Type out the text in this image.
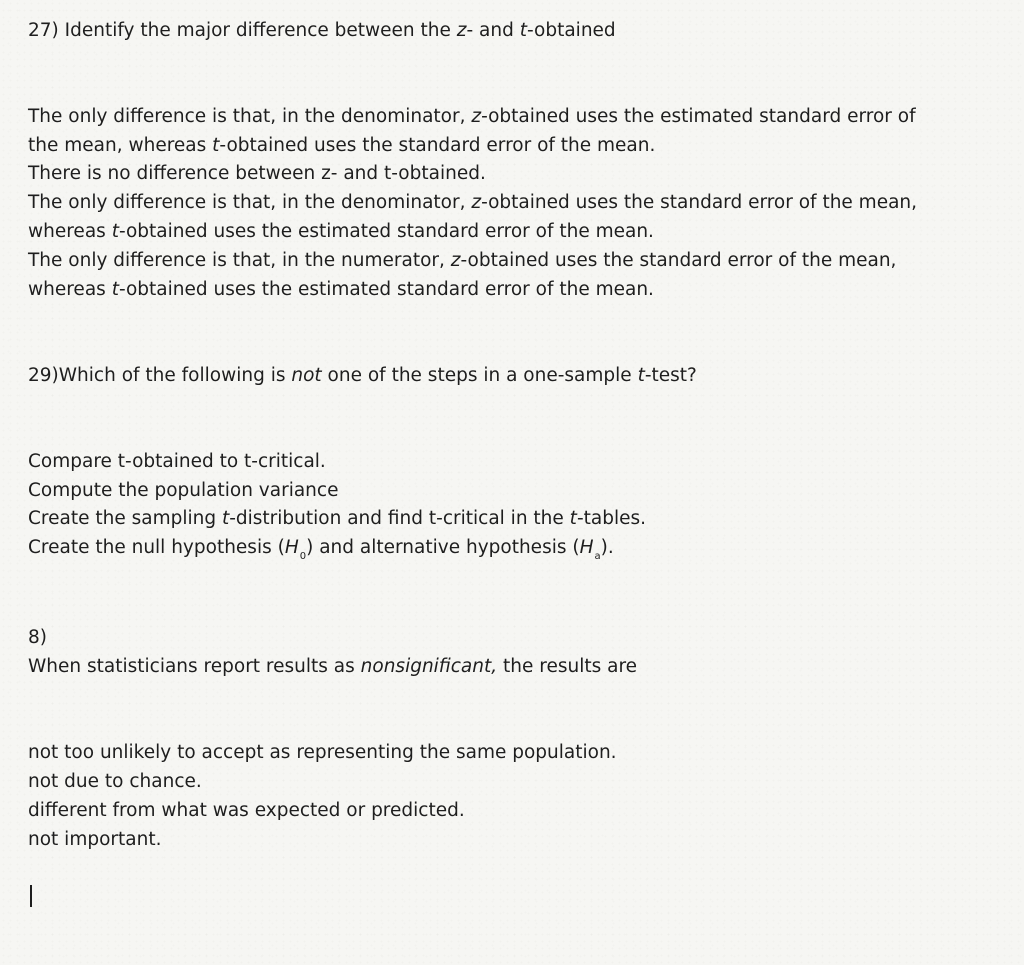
27) Identify the major difference between the z- and t-obtained
The only difference is that, in the denominator, z-obtained uses the estimated standard error of
the mean, whereas t-obtained uses the standard error of the mean.
There is no difference between z- and t-obtained.
The only difference is that, in the denominator, z-obtained uses the standard error of the mean,
whereas t-obtained uses the estimated standard error of the mean.
The only difference is that, in the numerator, z-obtained uses the standard error of the mean,
whereas t-obtained uses the estimated standard error of the mean.
29)Which of the following is not one of the steps in a one-sample t-test?
Compare t-obtained to t-critical.
Compute the population variance
Create the sampling t-distribution and find t-critical in the t-tables.
Create the null hypothesis $(H_0)$ and alternative hypothesis $(H_a)$.
8)
When statisticians report results as nonsignificant, the results are
not too unlikely to accept as representing the same population.
not due to chance.
different from what was expected or predicted.
not important.
